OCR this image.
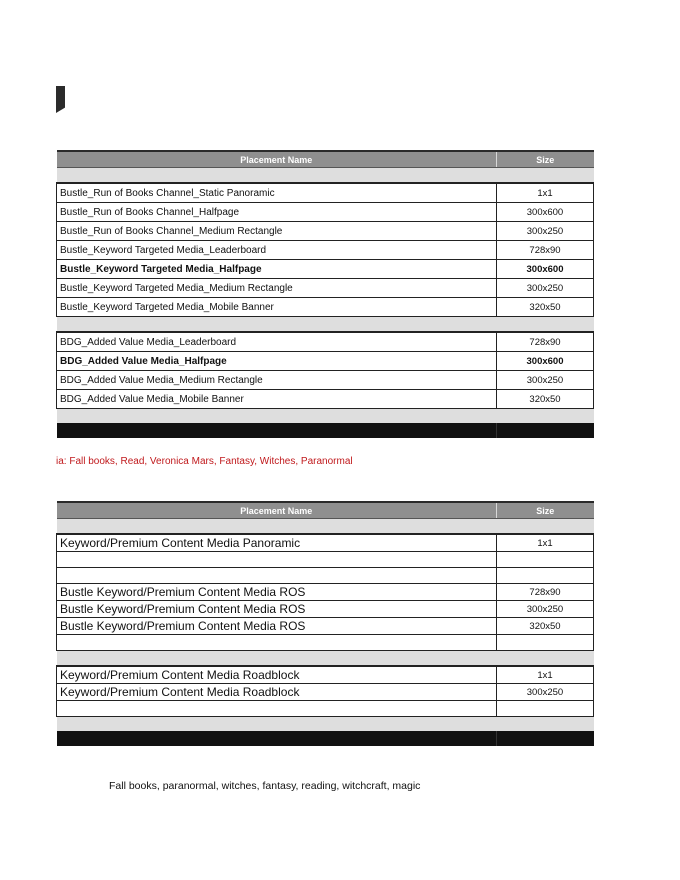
Placement Name	Size

Bustle_Run of Books Channel_Static Panoramic	1x1
Bustle_Run of Books Channel_Halfpage	300x600
Bustle_Run of Books Channel_Medium Rectangle	300x250
Bustle_Keyword Targeted Media_Leaderboard	728x90
Bustle_Keyword Targeted Media_Halfpage	300x600
Bustle_Keyword Targeted Media_Medium Rectangle	300x250
Bustle_Keyword Targeted Media_Mobile Banner	320x50

BDG_Added Value Media_Leaderboard	728x90
BDG_Added Value Media_Halfpage	300x600
BDG_Added Value Media_Medium Rectangle	300x250
BDG_Added Value Media_Mobile Banner	320x50

ia: Fall books, Read, Veronica Mars, Fantasy, Witches, Paranormal
Placement Name	Size

Keyword/Premium Content Media Panoramic	1x1

Bustle Keyword/Premium Content Media ROS	728x90
Bustle Keyword/Premium Content Media ROS	300x250
Bustle Keyword/Premium Content Media ROS	320x50

Keyword/Premium Content Media Roadblock	1x1
Keyword/Premium Content Media Roadblock	300x250

Fall books, paranormal, witches, fantasy, reading, witchcraft, magic
